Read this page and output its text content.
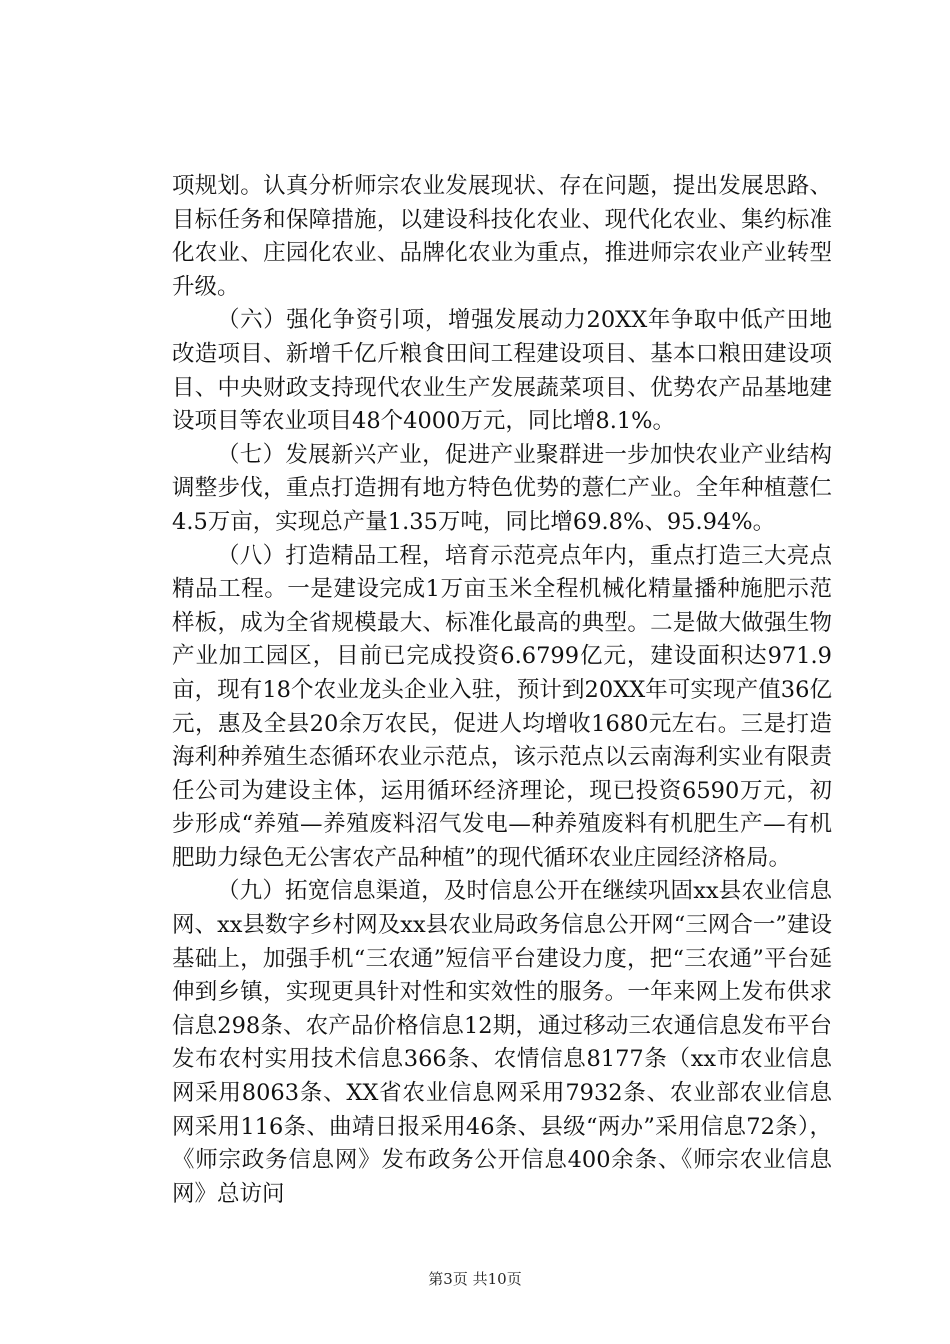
项规划。认真分析师宗农业发展现状、存在问题，提出发展思路、目标任务和保障措施，以建设科技化农业、现代化农业、集约标准化农业、庄园化农业、品牌化农业为重点，推进师宗农业产业转型升级。

（六）强化争资引项，增强发展动力20XX年争取中低产田地改造项目、新增千亿斤粮食田间工程建设项目、基本口粮田建设项目、中央财政支持现代农业生产发展蔬菜项目、优势农产品基地建设项目等农业项目48个4000万元，同比增8.1%。

（七）发展新兴产业，促进产业聚群进一步加快农业产业结构调整步伐，重点打造拥有地方特色优势的薏仁产业。全年种植薏仁4.5万亩，实现总产量1.35万吨，同比增69.8%、95.94%。

（八）打造精品工程，培育示范亮点年内，重点打造三大亮点精品工程。一是建设完成1万亩玉米全程机械化精量播种施肥示范样板，成为全省规模最大、标准化最高的典型。二是做大做强生物产业加工园区，目前已完成投资6.6799亿元，建设面积达971.9亩，现有18个农业龙头企业入驻，预计到20XX年可实现产值36亿元，惠及全县20余万农民，促进人均增收1680元左右。三是打造海利种养殖生态循环农业示范点，该示范点以云南海利实业有限责任公司为建设主体，运用循环经济理论，现已投资6590万元，初步形成“养殖—养殖废料沼气发电—种养殖废料有机肥生产—有机肥助力绿色无公害农产品种植”的现代循环农业庄园经济格局。

（九）拓宽信息渠道，及时信息公开在继续巩固xx县农业信息网、xx县数字乡村网及xx县农业局政务信息公开网“三网合一”建设基础上，加强手机“三农通”短信平台建设力度，把“三农通”平台延伸到乡镇，实现更具针对性和实效性的服务。一年来网上发布供求信息298条、农产品价格信息12期，通过移动三农通信息发布平台发布农村实用技术信息366条、农情信息8177条（xx市农业信息网采用8063条、XX省农业信息网采用7932条、农业部农业信息网采用116条、曲靖日报采用46条、县级“两办”采用信息72条），《师宗政务信息网》发布政务公开信息400余条、《师宗农业信息网》总访问

第3页 共10页
